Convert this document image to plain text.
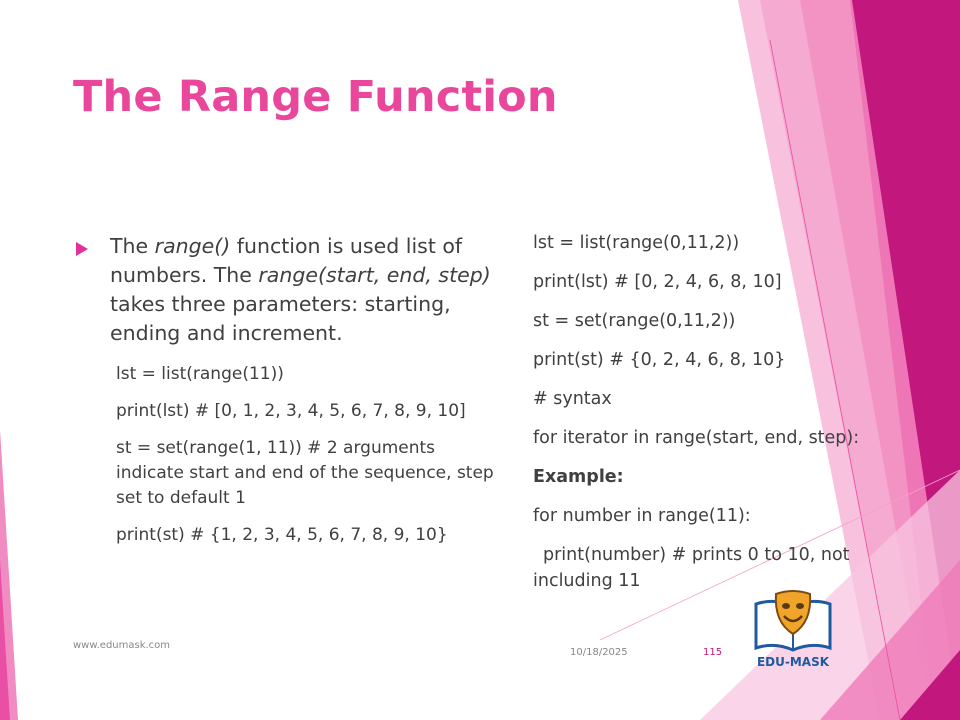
The Range Function
The range() function is used list of numbers. The range(start, end, step) takes three parameters: starting, ending and increment.

lst = list(range(11))

print(lst) # [0, 1, 2, 3, 4, 5, 6, 7, 8, 9, 10]

st = set(range(1, 11)) # 2 arguments indicate start and end of the sequence, step set to default 1

print(st) # {1, 2, 3, 4, 5, 6, 7, 8, 9, 10}

lst = list(range(0,11,2))

print(lst) # [0, 2, 4, 6, 8, 10]

st = set(range(0,11,2))

print(st) # {0, 2, 4, 6, 8, 10}

# syntax

for iterator in range(start, end, step):

Example:

for number in range(11):

print(number) # prints 0 to 10, not including 11

www.edumask.com
10/18/2025	115
EDU-MASK
